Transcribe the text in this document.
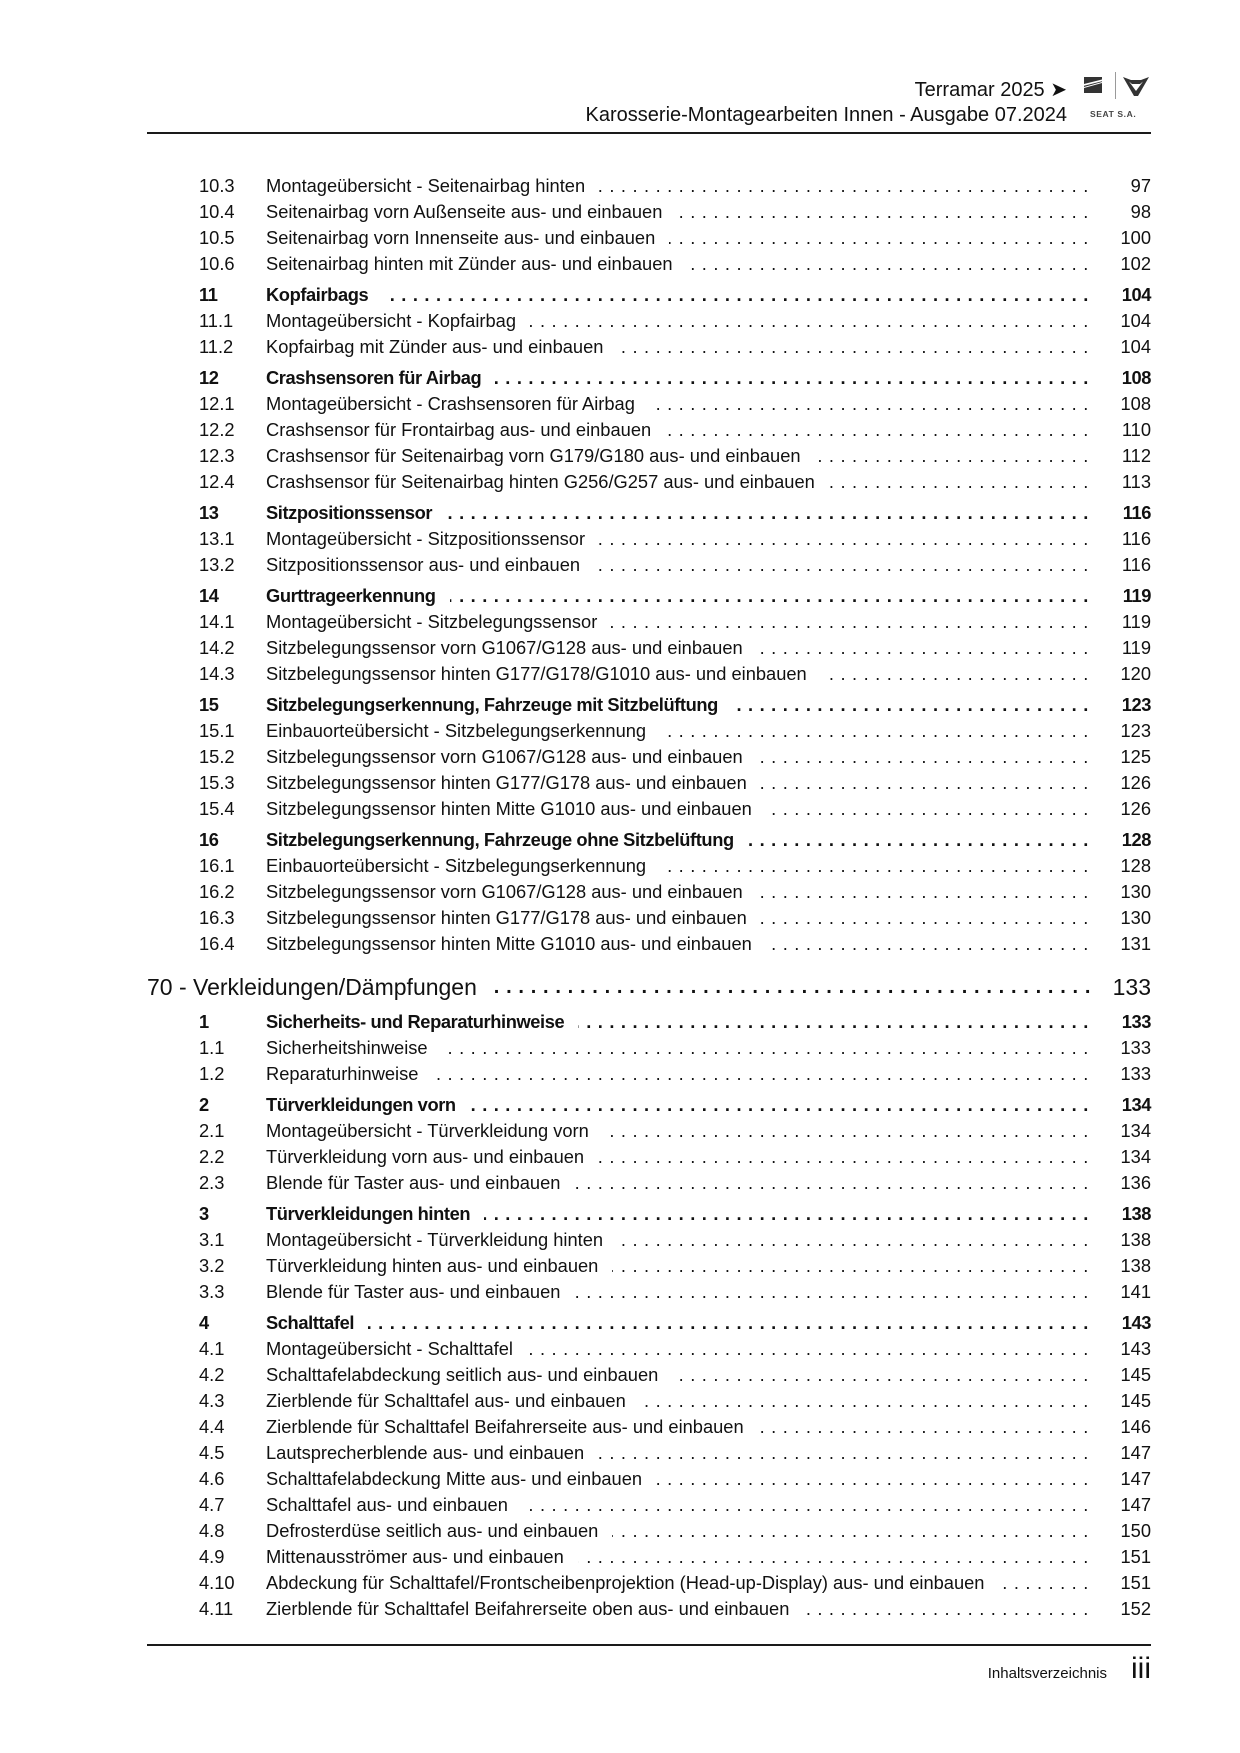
Terramar 2025 ➤
Karosserie-Montagearbeiten Innen - Ausgabe 07.2024	SEAT S.A.
10.3 Montageübersicht - Seitenairbag hinten . . .	97
10.4 Seitenairbag vorn Außenseite aus- und einbauen . . .	98
10.5 Seitenairbag vorn Innenseite aus- und einbauen . . .	100
10.6 Seitenairbag hinten mit Zünder aus- und einbauen . . .	102
11	Kopfairbags . . .	104
11.1 Montageübersicht - Kopfairbag . . .	104
11.2 Kopfairbag mit Zünder aus- und einbauen . . .	104
12	Crashsensoren für Airbag . . .	108
12.1 Montageübersicht - Crashsensoren für Airbag . . .	108
12.2 Crashsensor für Frontairbag aus- und einbauen . . .	110
12.3 Crashsensor für Seitenairbag vorn G179/G180 aus- und einbauen . . .	112
12.4 Crashsensor für Seitenairbag hinten G256/G257 aus- und einbauen . . .	113
13	Sitzpositionssensor . . .	116
13.1 Montageübersicht - Sitzpositionssensor . . .	116
13.2 Sitzpositionssensor aus- und einbauen . . .	116
14	Gurttrageerkennung . . .	119
14.1 Montageübersicht - Sitzbelegungssensor . . .	119
14.2 Sitzbelegungssensor vorn G1067/G128 aus- und einbauen . . .	119
14.3 Sitzbelegungssensor hinten G177/G178/G1010 aus- und einbauen . . .	120
15	Sitzbelegungserkennung, Fahrzeuge mit Sitzbelüftung . . .	123
15.1 Einbauorteübersicht - Sitzbelegungserkennung . . .	123
15.2 Sitzbelegungssensor vorn G1067/G128 aus- und einbauen . . .	125
15.3 Sitzbelegungssensor hinten G177/G178 aus- und einbauen . . .	126
15.4 Sitzbelegungssensor hinten Mitte G1010 aus- und einbauen . . .	126
16	Sitzbelegungserkennung, Fahrzeuge ohne Sitzbelüftung . . .	128
16.1 Einbauorteübersicht - Sitzbelegungserkennung . . .	128
16.2 Sitzbelegungssensor vorn G1067/G128 aus- und einbauen . . .	130
16.3 Sitzbelegungssensor hinten G177/G178 aus- und einbauen . . .	130
16.4 Sitzbelegungssensor hinten Mitte G1010 aus- und einbauen . . .	131
70 - Verkleidungen/Dämpfungen . . .	133
1	Sicherheits- und Reparaturhinweise . . .	133
1.1 Sicherheitshinweise . . .	133
1.2 Reparaturhinweise . . .	133
2	Türverkleidungen vorn . . .	134
2.1 Montageübersicht - Türverkleidung vorn . . .	134
2.2 Türverkleidung vorn aus- und einbauen . . .	134
2.3 Blende für Taster aus- und einbauen . . .	136
3	Türverkleidungen hinten . . .	138
3.1 Montageübersicht - Türverkleidung hinten . . .	138
3.2 Türverkleidung hinten aus- und einbauen . . .	138
3.3 Blende für Taster aus- und einbauen . . .	141
4	Schalttafel . . .	143
4.1 Montageübersicht - Schalttafel . . .	143
4.2 Schalttafelabdeckung seitlich aus- und einbauen . . .	145
4.3 Zierblende für Schalttafel aus- und einbauen . . .	145
4.4 Zierblende für Schalttafel Beifahrerseite aus- und einbauen . . .	146
4.5 Lautsprecherblende aus- und einbauen . . .	147
4.6 Schalttafelabdeckung Mitte aus- und einbauen . . .	147
4.7 Schalttafel aus- und einbauen . . .	147
4.8 Defrosterdüse seitlich aus- und einbauen . . .	150
4.9 Mittenausströmer aus- und einbauen . . .	151
4.10 Abdeckung für Schalttafel/Frontscheibenprojektion (Head-up-Display) aus- und einbauen . . .	151
4.11 Zierblende für Schalttafel Beifahrerseite oben aus- und einbauen . . .	152
Inhaltsverzeichnis iii
